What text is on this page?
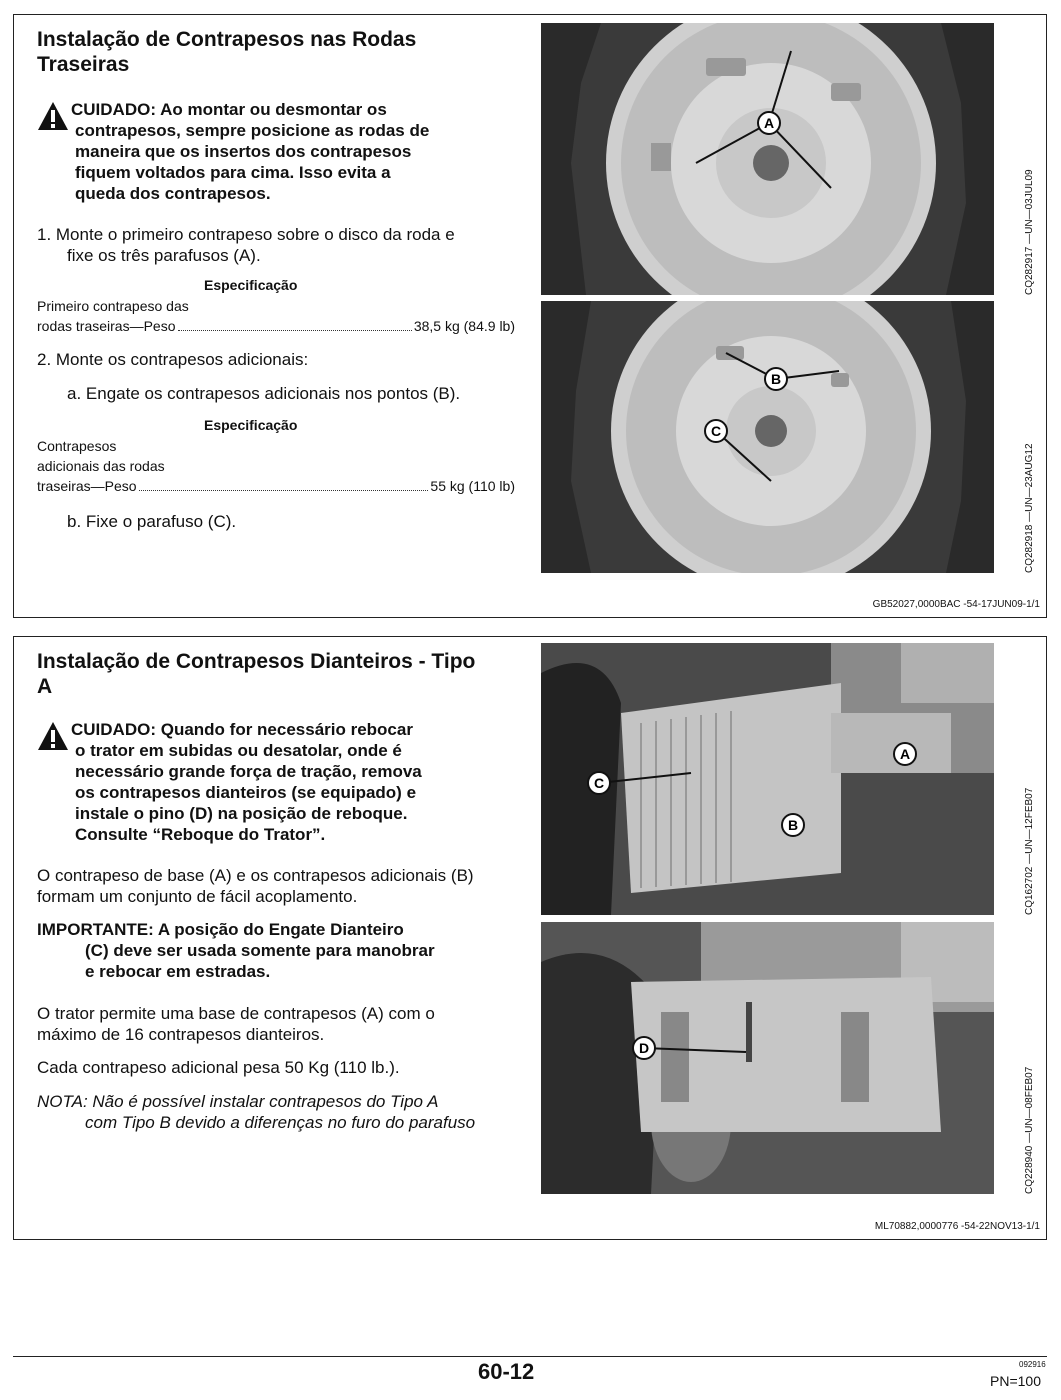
Instalação de Contrapesos nas Rodas
Traseiras
CUIDADO: Ao montar ou desmontar os
contrapesos, sempre posicione as rodas de
maneira que os insertos dos contrapesos
fiquem voltados para cima. Isso evita a
queda dos contrapesos.
1. Monte o primeiro contrapeso sobre o disco da roda e
fixe os três parafusos (A).
Especificação
Primeiro contrapeso das
rodas traseiras—Peso	38,5 kg (84.9 lb)
2. Monte os contrapesos adicionais:
a. Engate os contrapesos adicionais nos pontos (B).
Especificação
Contrapesos
adicionais das rodas
traseiras—Peso	55 kg (110 lb)
b. Fixe o parafuso (C).
A
CQ282917 —UN—03JUL09
B
C
CQ282918 —UN—23AUG12
GB52027,0000BAC -54-17JUN09-1/1
Instalação de Contrapesos Dianteiros - Tipo
A
CUIDADO: Quando for necessário rebocar
o trator em subidas ou desatolar, onde é
necessário grande força de tração, remova
os contrapesos dianteiros (se equipado) e
instale o pino (D) na posição de reboque.
Consulte “Reboque do Trator”.
O contrapeso de base (A) e os contrapesos adicionais (B)
formam um conjunto de fácil acoplamento.
IMPORTANTE: A posição do Engate Dianteiro
(C) deve ser usada somente para manobrar
e rebocar em estradas.
O trator permite uma base de contrapesos (A) com o
máximo de 16 contrapesos dianteiros.
Cada contrapeso adicional pesa 50 Kg (110 lb.).
NOTA: Não é possível instalar contrapesos do Tipo A
com Tipo B devido a diferenças no furo do parafuso
C
B
A
CQ162702 —UN—12FEB07
D
CQ228940 —UN—08FEB07
ML70882,0000776 -54-22NOV13-1/1
60-12	092916
PN=100
